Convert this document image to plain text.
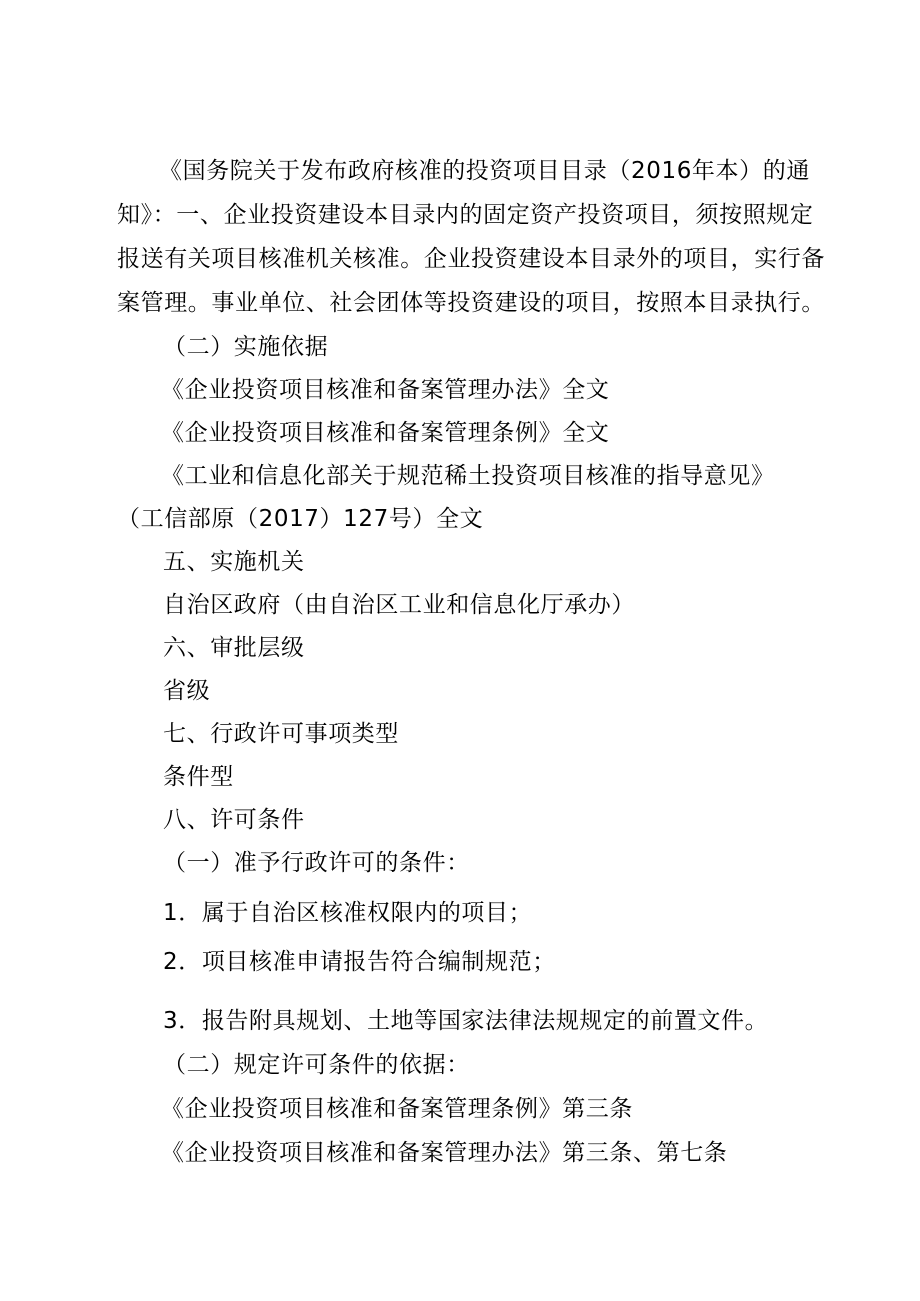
《国务院关于发布政府核准的投资项目目录（2016年本）的通
知》：一、企业投资建设本目录内的固定资产投资项目，须按照规定
报送有关项目核准机关核准。企业投资建设本目录外的项目，实行备
案管理。事业单位、社会团体等投资建设的项目，按照本目录执行。
（二）实施依据
《企业投资项目核准和备案管理办法》全文
《企业投资项目核准和备案管理条例》全文
《工业和信息化部关于规范稀土投资项目核准的指导意见》
（工信部原（2017）127号）全文
五、实施机关
自治区政府（由自治区工业和信息化厅承办）
六、审批层级
省级
七、行政许可事项类型
条件型
八、许可条件
（一）准予行政许可的条件：
1．属于自治区核准权限内的项目；
2．项目核准申请报告符合编制规范；
3．报告附具规划、土地等国家法律法规规定的前置文件。
（二）规定许可条件的依据：
《企业投资项目核准和备案管理条例》第三条
《企业投资项目核准和备案管理办法》第三条、第七条
